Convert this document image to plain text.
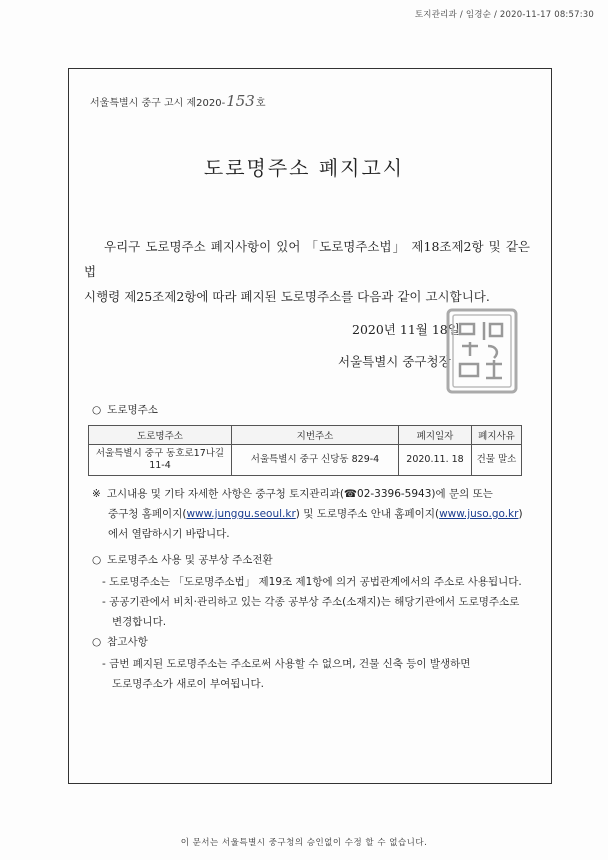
토지관리과 / 임경순 / 2020-11-17 08:57:30
서울특별시 중구 고시 제2020-153호
도로명주소 폐지고시
우리구 도로명주소 폐지사항이 있어 「도로명주소법」 제18조제2항 및 같은 법
시행령 제25조제2항에 따라 폐지된 도로명주소를 다음과 같이 고시합니다.
2020년 11월 18일
서울특별시 중구청장
○ 도로명주소
도로명주소	지번주소	폐지일자	폐지사유

서울특별시 중구 동호로17나길
11-4	서울특별시 중구 신당동 829-4	2020.11. 18	건물 말소
※ 고시내용 및 기타 자세한 사항은 중구청 토지관리과(☎02-3396-5943)에 문의 또는
중구청 홈페이지(www.junggu.seoul.kr) 및 도로명주소 안내 홈페이지(www.juso.go.kr)
에서 열람하시기 바랍니다.
○ 도로명주소 사용 및 공부상 주소전환
- 도로명주소는 「도로명주소법」 제19조 제1항에 의거 공법관계에서의 주소로 사용됩니다.
- 공공기관에서 비치·관리하고 있는 각종 공부상 주소(소재지)는 해당기관에서 도로명주소로
변경합니다.
○ 참고사항
- 금번 폐지된 도로명주소는 주소로써 사용할 수 없으며, 건물 신축 등이 발생하면
도로명주소가 새로이 부여됩니다.
이 문서는 서울특별시 중구청의 승인없이 수정 할 수 없습니다.
